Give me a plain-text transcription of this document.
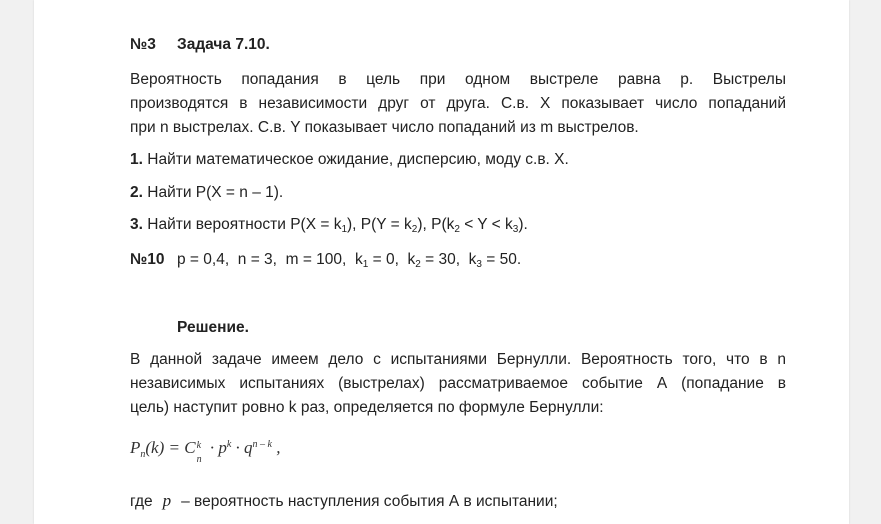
№3 Задача 7.10.
Вероятность попадания в цель при одном выстреле равна p. Выстрелы
производятся в независимости друг от друга. С.в. X показывает число попаданий
при n выстрелах. С.в. Y показывает число попаданий из m выстрелов.
1. Найти математическое ожидание, дисперсию, моду с.в. X.
2. Найти P(X = n – 1).
3. Найти вероятности $P(X = k_1)$, $P(Y = k_2)$, $P(k_2 < Y < k_3)$.
№10 p = 0,4, n = 3, m = 100, $k_1 = 0$, $k_2 = 30$, $k_3 = 50$.
Решение.
В данной задаче имеем дело с испытаниями Бернулли. Вероятность того, что в n
независимых испытаниях (выстрелах) рассматриваемое событие А (попадание в
цель) наступит ровно k раз, определяется по формуле Бернулли:
$P_n(k) = C$ k
n
· $p^k \cdot q^{n - k}$ ,
где p – вероятность наступления события А в испытании;
